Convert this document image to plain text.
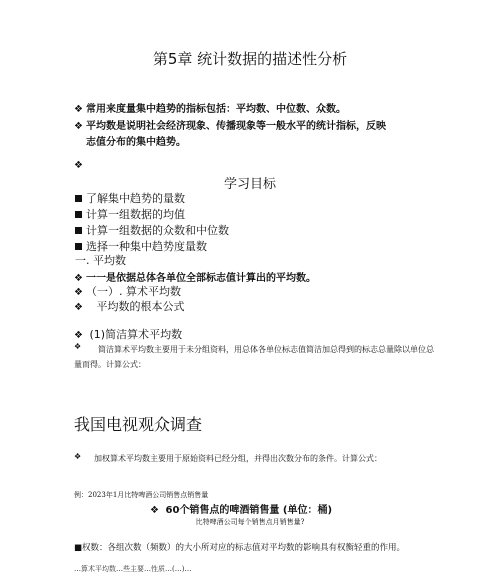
第5章 统计数据的描述性分析
❖ 常用来度量集中趋势的指标包括：平均数、中位数、众数。
❖ 平均数是说明社会经济现象、传播现象等一般水平的统计指标，反映
志值分布的集中趋势。
❖
学习目标
了解集中趋势的量数
计算一组数据的均值
计算一组数据的众数和中位数
选择一种集中趋势度量数
一. 平均数
❖ 一一是依据总体各单位全部标志值计算出的平均数。
❖ （一）. 算术平均数
❖ 平均数的根本公式
❖ (1)简洁算术平均数
❖	简洁算术平均数主要用于未分组资料，用总体各单位标志值简洁加总得到的标志总量除以单位总量而得。计算公式：
我国电视观众调查
❖	加权算术平均数主要用于原始资料已经分组，并得出次数分布的条件。计算公式：
例：2023年1月比特啤酒公司销售点销售量
❖ 60个销售点的啤酒销售量 (单位：桶)
比特啤酒公司每个销售点月销售量?
■权数：各组次数（频数）的大小所对应的标志值对平均数的影响具有权衡轻重的作用。
…算术平均数…些主要…性质…(…)…
